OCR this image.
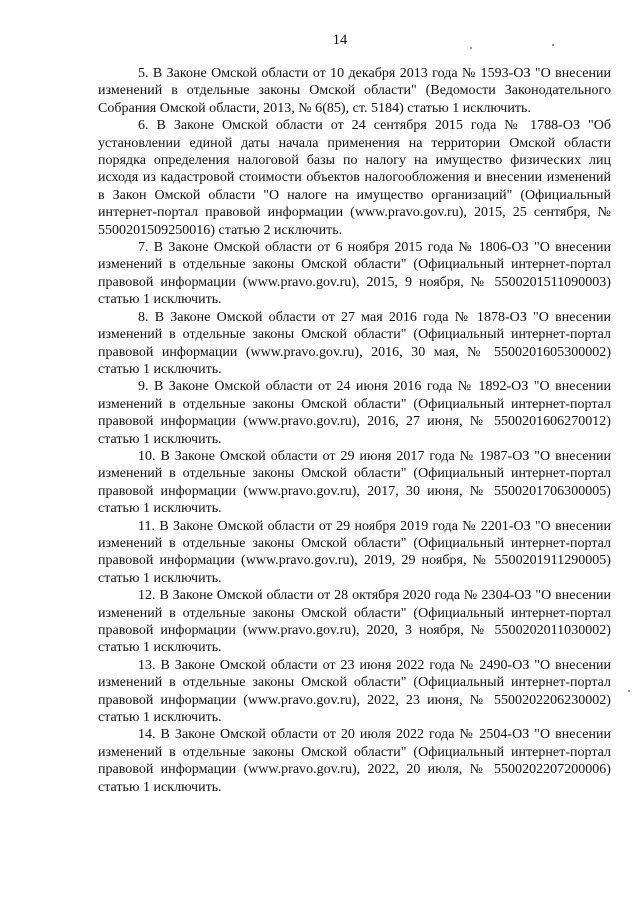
14

5. В Законе Омской области от 10 декабря 2013 года № 1593-ОЗ "О внесении изменений в отдельные законы Омской области" (Ведомости Законодательного Собрания Омской области, 2013, № 6(85), ст. 5184) статью 1 исключить.

6. В Законе Омской области от 24 сентября 2015 года № 1788-ОЗ "Об установлении единой даты начала применения на территории Омской области порядка определения налоговой базы по налогу на имущество физических лиц исходя из кадастровой стоимости объектов налогообложения и внесении изменений в Закон Омской области "О налоге на имущество организаций" (Официальный интернет-портал правовой информации (www.pravo.gov.ru), 2015, 25 сентября, № 5500201509250016) статью 2 исключить.

7. В Законе Омской области от 6 ноября 2015 года № 1806-ОЗ "О внесении изменений в отдельные законы Омской области" (Официальный интернет-портал правовой информации (www.pravo.gov.ru), 2015, 9 ноября, № 5500201511090003) статью 1 исключить.

8. В Законе Омской области от 27 мая 2016 года № 1878-ОЗ "О внесении изменений в отдельные законы Омской области" (Официальный интернет-портал правовой информации (www.pravo.gov.ru), 2016, 30 мая, № 5500201605300002) статью 1 исключить.

9. В Законе Омской области от 24 июня 2016 года № 1892-ОЗ "О внесении изменений в отдельные законы Омской области" (Официальный интернет-портал правовой информации (www.pravo.gov.ru), 2016, 27 июня, № 5500201606270012) статью 1 исключить.

10. В Законе Омской области от 29 июня 2017 года № 1987-ОЗ "О внесении изменений в отдельные законы Омской области" (Официальный интернет-портал правовой информации (www.pravo.gov.ru), 2017, 30 июня, № 5500201706300005) статью 1 исключить.

11. В Законе Омской области от 29 ноября 2019 года № 2201-ОЗ "О внесении изменений в отдельные законы Омской области" (Официальный интернет-портал правовой информации (www.pravo.gov.ru), 2019, 29 ноября, № 5500201911290005) статью 1 исключить.

12. В Законе Омской области от 28 октября 2020 года № 2304-ОЗ "О внесении изменений в отдельные законы Омской области" (Официальный интернет-портал правовой информации (www.pravo.gov.ru), 2020, 3 ноября, № 5500202011030002) статью 1 исключить.

13. В Законе Омской области от 23 июня 2022 года № 2490-ОЗ "О внесении изменений в отдельные законы Омской области" (Официальный интернет-портал правовой информации (www.pravo.gov.ru), 2022, 23 июня, № 5500202206230002) статью 1 исключить.

14. В Законе Омской области от 20 июля 2022 года № 2504-ОЗ "О внесении изменений в отдельные законы Омской области" (Официальный интернет-портал правовой информации (www.pravo.gov.ru), 2022, 20 июля, № 5500202207200006) статью 1 исключить.
